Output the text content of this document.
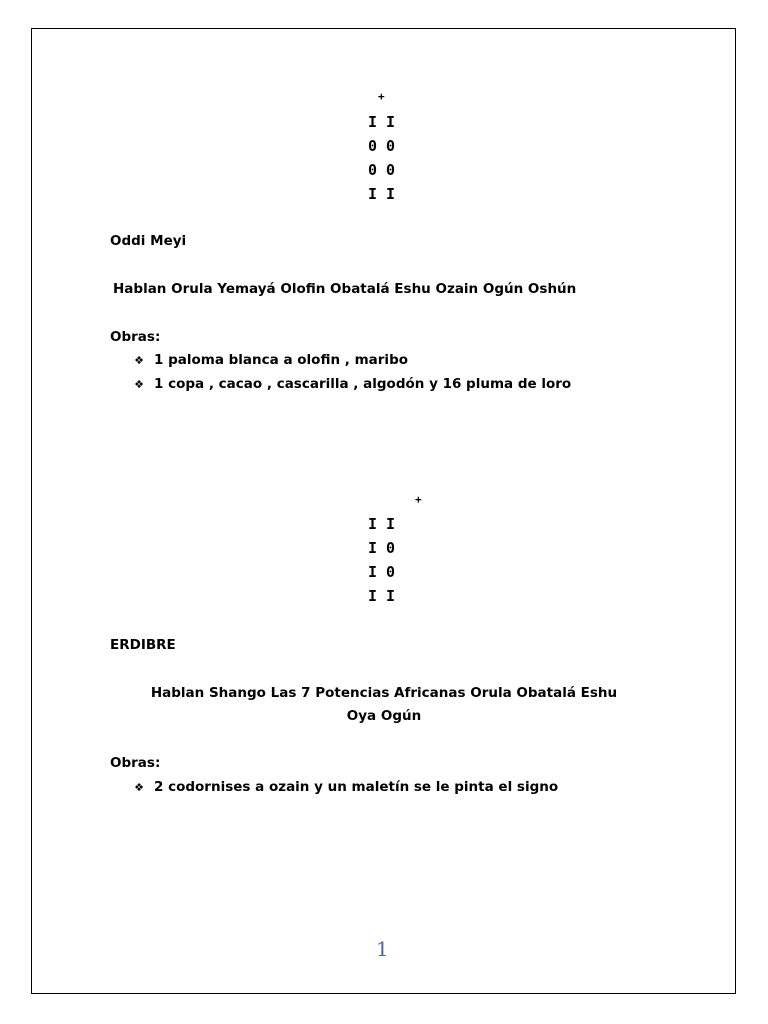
+
I I
0 0
0 0
I I
Oddi Meyi
Hablan Orula Yemayá Olofin Obatalá Eshu Ozain Ogún Oshún
Obras:
❖ 1 paloma blanca a olofin , maribo
❖ 1 copa , cacao , cascarilla , algodón y 16 pluma de loro
+
I I
I 0
I 0
I I
ERDIBRE
Hablan Shango Las 7 Potencias Africanas Orula Obatalá Eshu
Oya Ogún
Obras:
❖ 2 codornises a ozain y un maletín se le pinta el signo
1
